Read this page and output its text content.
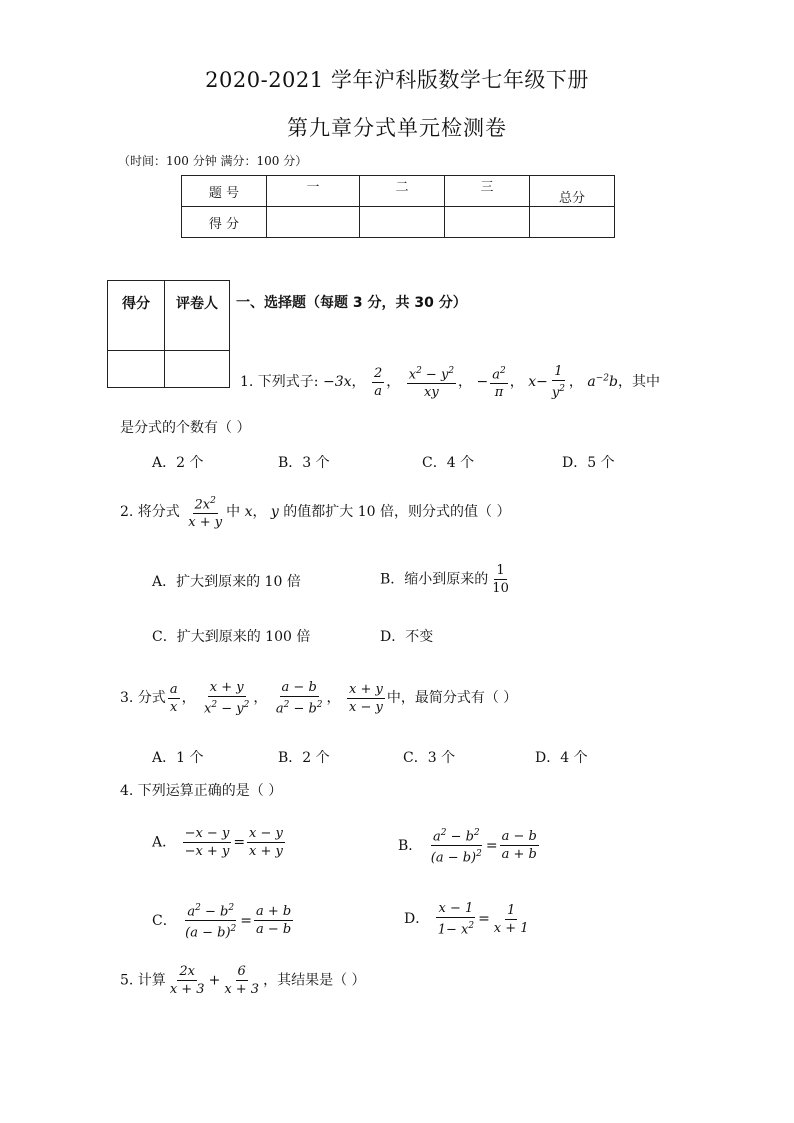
2020-2021 学年沪科版数学七年级下册
第九章分式单元检测卷
（时间：100 分钟 满分：100 分）
题 号	一	二	三	总分
得 分				
得分	评卷人
	一、选择题（每题 3 分，共 30 分）
1. 下列式子: −3x， $\frac{2}{a}$ ， $\frac{x^2 - y^2}{xy}$ ， − $\frac{a^2}{\pi}$ ， $x- \frac{1}{y^2}$ ， $a^{-2}b$，其中
是分式的个数有（ ）
A．2 个	B．3 个	C．4 个	D．5 个
2. 将分式 $\frac{2x^2}{x + y}$ 中 x， y 的值都扩大 10 倍，则分式的值（ ）
A．扩大到原来的 10 倍	B．缩小到原来的 $\frac{1}{10}$
C．扩大到原来的 100 倍	D．不变
3. 分式 $\frac{a}{x}$ ， $\frac{x + y}{x^2 - y^2}$ ， $\frac{a - b}{a^2 - b^2}$ ， $\frac{x + y}{x - y}$ 中，最简分式有（ ）
A．1 个	B．2 个	C．3 个	D．4 个
4. 下列运算正确的是（ ）
A． $\frac{-x - y}{-x + y} = \frac{x - y}{x + y}$	B． $\frac{a^2 - b^2}{(a - b)^2} = \frac{a - b}{a + b}$
C． $\frac{a^2 - b^2}{(a - b)^2} = \frac{a + b}{a - b}$	D． $\frac{x - 1}{1- x^2} = \frac{1}{x + 1}$
5. 计算 $\frac{2x}{x + 3} + \frac{6}{x + 3}$ ，其结果是（ ）
